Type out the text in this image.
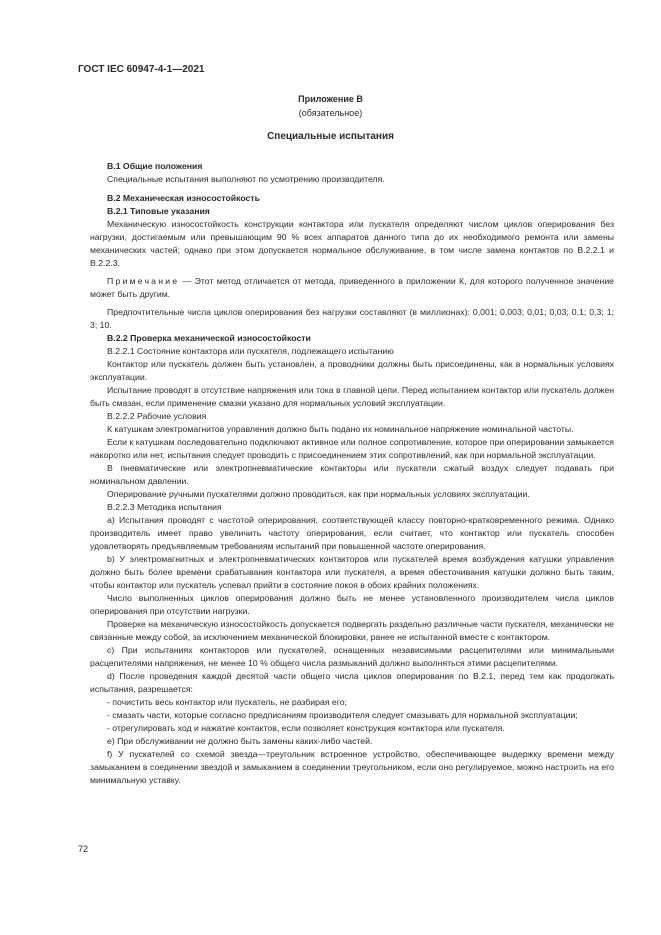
ГОСТ IEC 60947-4-1—2021
Приложение В
(обязательное)
Специальные испытания

В.1 Общие положения

Специальные испытания выполняют по усмотрению производителя.

В.2 Механическая износостойкость

В.2.1 Типовые указания

Механическую износостойкость конструкции контактора или пускателя определяют числом циклов оперирования без нагрузки, достигаемым или превышающим 90 % всех аппаратов данного типа до их необходимого ремонта или замены механических частей; однако при этом допускается нормальное обслуживание, в том числе замена контактов по В.2.2.1 и В.2.2.3.

Примечание — Этот метод отличается от метода, приведенного в приложении К, для которого полученное значение может быть другим.

Предпочтительные числа циклов оперирования без нагрузки составляют (в миллионах): 0,001; 0,003; 0,01; 0,03; 0,1; 0,3; 1; 3; 10.

В.2.2 Проверка механической износостойкости

В.2.2.1 Состояние контактора или пускателя, подлежащего испытанию

Контактор или пускатель должен быть установлен, а проводники должны быть присоединены, как в нормальных условиях эксплуатации.

Испытание проводят в отсутствие напряжения или тока в главной цепи. Перед испытанием контактор или пускатель должен быть смазан, если применение смазки указано для нормальных условий эксплуатации.

В.2.2.2 Рабочие условия

К катушкам электромагнитов управления должно быть подано их номинальное напряжение номинальной частоты.

Если к катушкам последовательно подключают активное или полное сопротивление, которое при оперировании замыкается накоротко или нет, испытания следует проводить с присоединением этих сопротивлений, как при нормальной эксплуатации.

В пневматические или электропневматические контакторы или пускатели сжатый воздух следует подавать при номинальном давлении.

Оперирование ручными пускателями должно проводиться, как при нормальных условиях эксплуатации.

В.2.2.3 Методика испытания

а) Испытания проводят с частотой оперирования, соответствующей классу повторно-кратковременного режима. Однако производитель имеет право увеличить частоту оперирования, если считает, что контактор или пускатель способен удовлетворять предъявляемым требованиям испытаний при повышенной частоте оперирования.

b) У электромагнитных и электропневматических контакторов или пускателей время возбуждения катушки управления должно быть более времени срабатывания контактора или пускателя, а время обесточивания катушки должно быть таким, чтобы контактор или пускатель успевал прийти в состояние покоя в обоих крайних положениях.

Число выполненных циклов оперирования должно быть не менее установленного производителем числа циклов оперирования при отсутствии нагрузки.

Проверке на механическую износостойкость допускается подвергать раздельно различные части пускателя, механически не связанные между собой, за исключением механической блокировки, ранее не испытанной вместе с контактором.

с) При испытаниях контакторов или пускателей, оснащенных независимыми расцепителями или минимальными расцепителями напряжения, не менее 10 % общего числа размыканий должно выполняться этими расцепителями.

d) После проведения каждой десятой части общего числа циклов оперирования по В.2.1, перед тем как продолжать испытания, разрешается:

- почистить весь контактор или пускатель, не разбирая его;

- смазать части, которые согласно предписаниям производителя следует смазывать для нормальной эксплуатации;

- отрегулировать ход и нажатие контактов, если позволяет конструкция контактора или пускателя.

е) При обслуживании не должно быть замены каких-либо частей.

f) У пускателей со схемой звезда—треугольник встроенное устройство, обеспечивающее выдержку времени между замыканием в соединении звездой и замыканием в соединении треугольником, если оно регулируемое, можно настроить на его минимальную уставку.

72
